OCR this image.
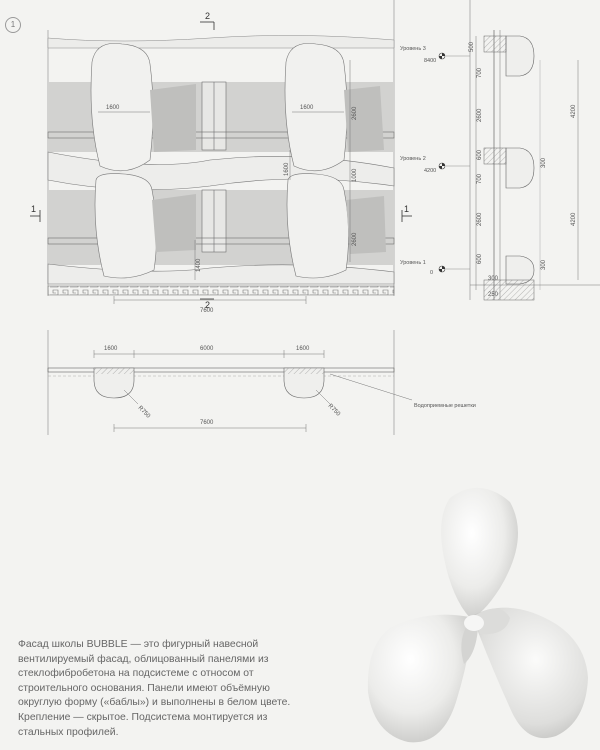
1
1600	1600	2600
1600	1000
2600
1400
7600
2
2
1	1
Уровень 3
8400
Уровень 2
4200
Уровень 1
0
500
700
2600
600
700
2600
600
4200
4200
300
300
300
250
1600	6000	1600
7600
R750	R750	Водоприемные решетки

Фасад школы BUBBLE — это фигурный навесной вентилируемый фасад, облицованный панелями из стеклофибробетона на подсистеме с относом от строительного основания. Панели имеют объёмную округлую форму («баблы») и выполнены в белом цвете. Крепление — скрытое. Подсистема монтируется из стальных профилей.
